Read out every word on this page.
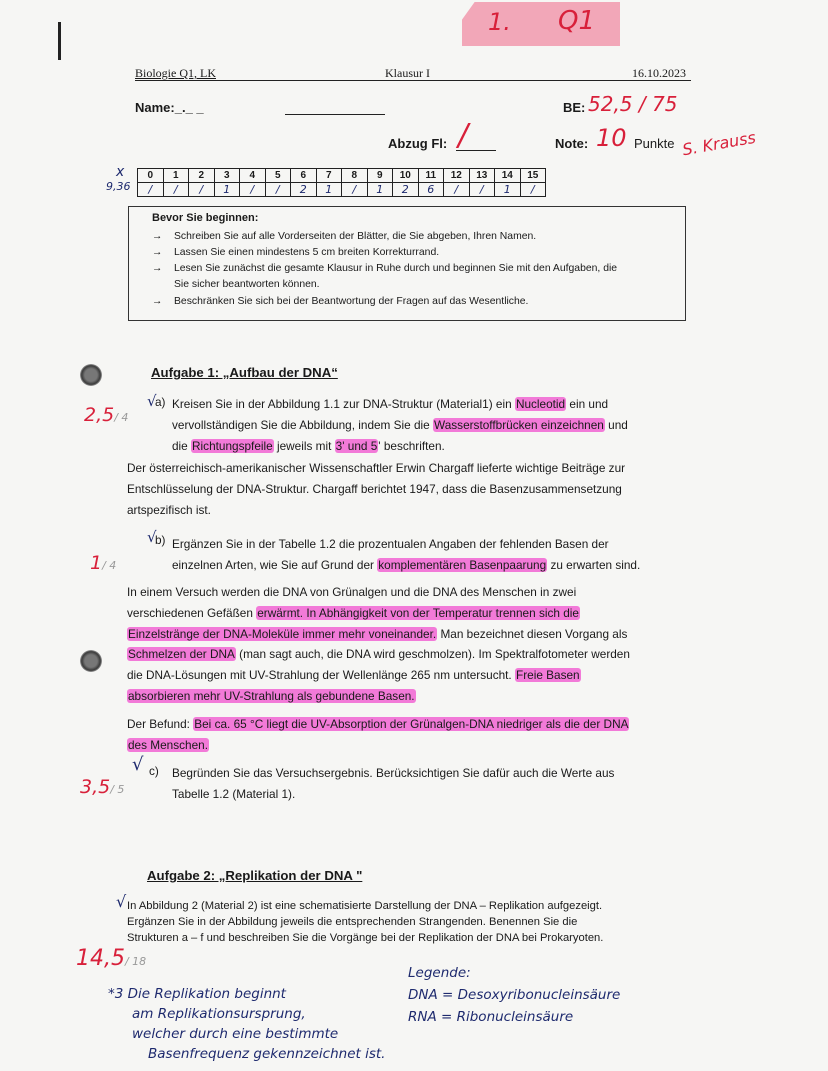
1. Q1
Biologie Q1, LK	Klausur I	16.10.2023
Name:_._ _	BE: 52,5 / 75
Abzug Fl: /	Note: 10 Punkte S. Krauss
x
9,36
0	1	2	3	4	5	6	7	8	9	10	11	12	13	14	15
/	/	/	1	/	/	2	1	/	1	2	6	/	/	1	/
Bevor Sie beginnen:
→ Schreiben Sie auf alle Vorderseiten der Blätter, die Sie abgeben, Ihren Namen.
→ Lassen Sie einen mindestens 5 cm breiten Korrekturrand.
→ Lesen Sie zunächst die gesamte Klausur in Ruhe durch und beginnen Sie mit den Aufgaben, die
Sie sicher beantworten können.
→ Beschränken Sie sich bei der Beantwortung der Fragen auf das Wesentliche.
Aufgabe 1: „Aufbau der DNA“
2,5/ 4
√
a) Kreisen Sie in der Abbildung 1.1 zur DNA-Struktur (Material1) ein Nucleotid ein und
vervollständigen Sie die Abbildung, indem Sie die Wasserstoffbrücken einzeichnen und
die Richtungspfeile jeweils mit 3' und 5' beschriften.
Der österreichisch-amerikanischer Wissenschaftler Erwin Chargaff lieferte wichtige Beiträge zur
Entschlüsselung der DNA-Struktur. Chargaff berichtet 1947, dass die Basenzusammensetzung
artspezifisch ist.
1/ 4
√
b) Ergänzen Sie in der Tabelle 1.2 die prozentualen Angaben der fehlenden Basen der
einzelnen Arten, wie Sie auf Grund der komplementären Basenpaarung zu erwarten sind.
In einem Versuch werden die DNA von Grünalgen und die DNA des Menschen in zwei
verschiedenen Gefäßen erwärmt. In Abhängigkeit von der Temperatur trennen sich die
Einzelstränge der DNA-Moleküle immer mehr voneinander. Man bezeichnet diesen Vorgang als
Schmelzen der DNA (man sagt auch, die DNA wird geschmolzen). Im Spektralfotometer werden
die DNA-Lösungen mit UV-Strahlung der Wellenlänge 265 nm untersucht. Freie Basen
absorbieren mehr UV-Strahlung als gebundene Basen.
Der Befund: Bei ca. 65 °C liegt die UV-Absorption der Grünalgen-DNA niedriger als die der DNA
des Menschen.
3,5/ 5
√ c) Begründen Sie das Versuchsergebnis. Berücksichtigen Sie dafür auch die Werte aus
Tabelle 1.2 (Material 1).
Aufgabe 2: „Replikation der DNA "
√ In Abbildung 2 (Material 2) ist eine schematisierte Darstellung der DNA – Replikation aufgezeigt.
Ergänzen Sie in der Abbildung jeweils die entsprechenden Strangenden. Benennen Sie die
Strukturen a – f und beschreiben Sie die Vorgänge bei der Replikation der DNA bei Prokaryoten.
14,5/ 18
*3 Die Replikation beginnt
am Replikationsursprung,
welcher durch eine bestimmte
Basenfrequenz gekennzeichnet ist.
Legende:
DNA = Desoxyribonucleinsäure
RNA = Ribonucleinsäure
